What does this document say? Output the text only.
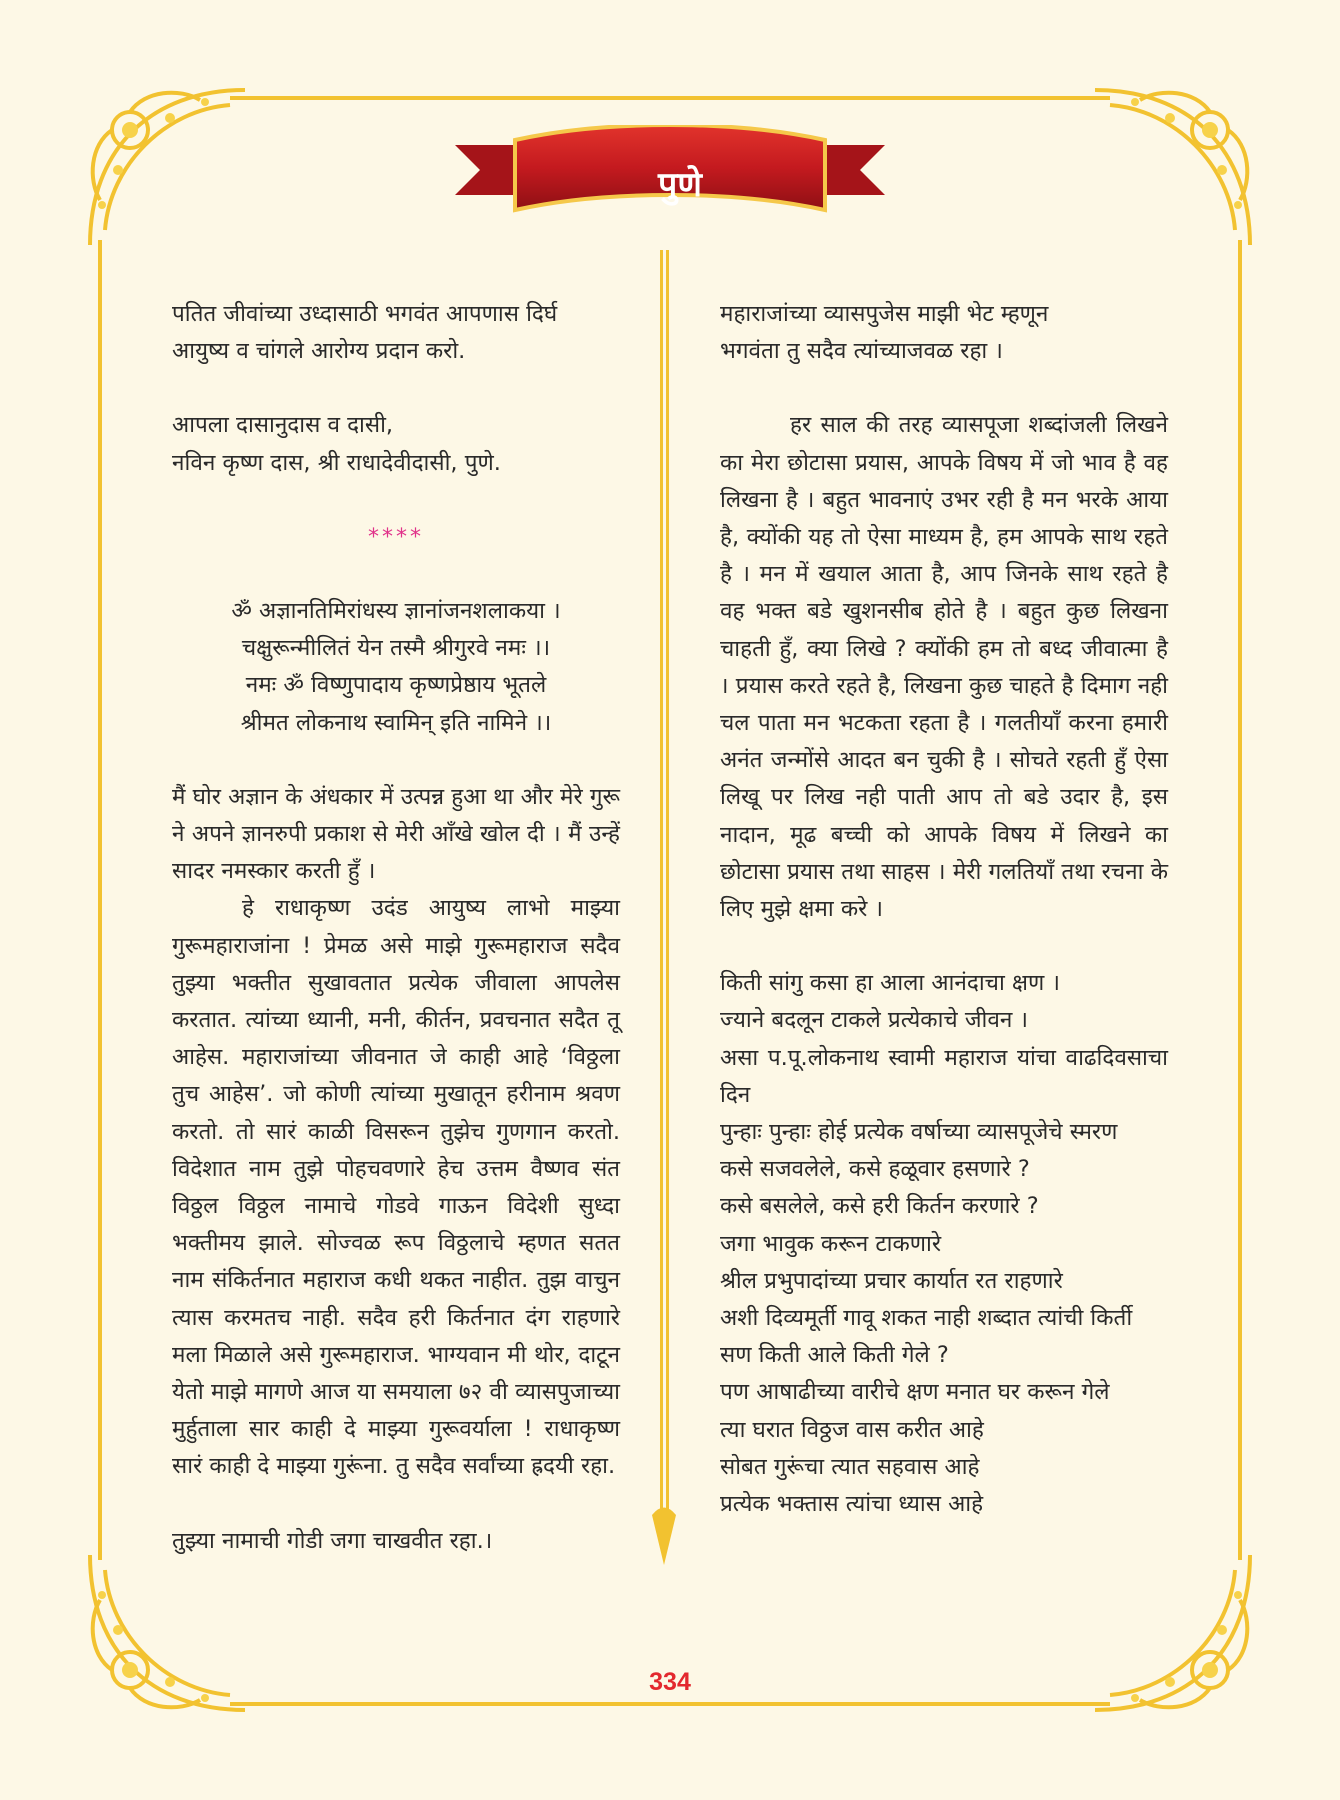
पुणे
पतित जीवांच्या उध्दासाठी भगवंत आपणास दिर्घ
आयुष्य व चांगले आरोग्य प्रदान करो.
आपला दासानुदास व दासी,
नविन कृष्ण दास, श्री राधादेवीदासी, पुणे.
****
ॐ अज्ञानतिमिरांधस्य ज्ञानांजनशलाकया ।
चक्षुरून्मीलितं येन तस्मै श्रीगुरवे नमः ।।
नमः ॐ विष्णुपादाय कृष्णप्रेष्ठाय भूतले
श्रीमत लोकनाथ स्वामिन् इति नामिने ।।

मैं घोर अज्ञान के अंधकार में उत्पन्न हुआ था और मेरे गुरू ने अपने ज्ञानरुपी प्रकाश से मेरी आँखे खोल दी । मैं उन्हें सादर नमस्कार करती हुँ ।

हे राधाकृष्ण उदंड आयुष्य लाभो माझ्या गुरूमहाराजांना ! प्रेमळ असे माझे गुरूमहाराज सदैव तुझ्या भक्तीत सुखावतात प्रत्येक जीवाला आपलेस करतात. त्यांच्या ध्यानी, मनी, कीर्तन, प्रवचनात सदैत तू आहेस. महाराजांच्या जीवनात जे काही आहे ‘विठ्ठला तुच आहेस’. जो कोणी त्यांच्या मुखातून हरीनाम श्रवण करतो. तो सारं काळी विसरून तुझेच गुणगान करतो. विदेशात नाम तुझे पोहचवणारे हेच उत्तम वैष्णव संत विठ्ठल विठ्ठल नामाचे गोडवे गाऊन विदेशी सुध्दा भक्तीमय झाले. सोज्वळ रूप विठ्ठलाचे म्हणत सतत नाम संकिर्तनात महाराज कधी थकत नाहीत. तुझ वाचुन त्यास करमतच नाही. सदैव हरी किर्तनात दंग राहणारे मला मिळाले असे गुरूमहाराज. भाग्यवान मी थोर, दाटून येतो माझे मागणे आज या समयाला ७२ वी व्यासपुजाच्या मुर्हुताला सार काही दे माझ्या गुरूवर्याला ! राधाकृष्ण सारं काही दे माझ्या गुरूंना. तु सदैव सर्वांच्या ह्रदयी रहा.

तुझ्या नामाची गोडी जगा चाखवीत रहा.।
महाराजांच्या व्यासपुजेस माझी भेट म्हणून
भगवंता तु सदैव त्यांच्याजवळ रहा ।

हर साल की तरह व्यासपूजा शब्दांजली लिखने का मेरा छोटासा प्रयास, आपके विषय में जो भाव है वह लिखना है । बहुत भावनाएं उभर रही है मन भरके आया है, क्योंकी यह तो ऐसा माध्यम है, हम आपके साथ रहते है । मन में खयाल आता है, आप जिनके साथ रहते है वह भक्त बडे खुशनसीब होते है । बहुत कुछ लिखना चाहती हुँ, क्या लिखे ? क्योंकी हम तो बध्द जीवात्मा है । प्रयास करते रहते है, लिखना कुछ चाहते है दिमाग नही चल पाता मन भटकता रहता है । गलतीयाँ करना हमारी अनंत जन्मोंसे आदत बन चुकी है । सोचते रहती हुँ ऐसा लिखू पर लिख नही पाती आप तो बडे उदार है, इस नादान, मूढ बच्ची को आपके विषय में लिखने का छोटासा प्रयास तथा साहस । मेरी गलतियाँ तथा रचना के लिए मुझे क्षमा करे ।

किती सांगु कसा हा आला आनंदाचा क्षण ।
ज्याने बदलून टाकले प्रत्येकाचे जीवन ।
असा प.पू.लोकनाथ स्वामी महाराज यांचा वाढदिवसाचा दिन
पुन्हाः पुन्हाः होई प्रत्येक वर्षाच्या व्यासपूजेचे स्मरण
कसे सजवलेले, कसे हळूवार हसणारे ?
कसे बसलेले, कसे हरी किर्तन करणारे ?
जगा भावुक करून टाकणारे
श्रील प्रभुपादांच्या प्रचार कार्यात रत राहणारे
अशी दिव्यमूर्ती गावू शकत नाही शब्दात त्यांची किर्ती
सण किती आले किती गेले ?
पण आषाढीच्या वारीचे क्षण मनात घर करून गेले
त्या घरात विठ्ठज वास करीत आहे
सोबत गुरूंचा त्यात सहवास आहे
प्रत्येक भक्तास त्यांचा ध्यास आहे
334
